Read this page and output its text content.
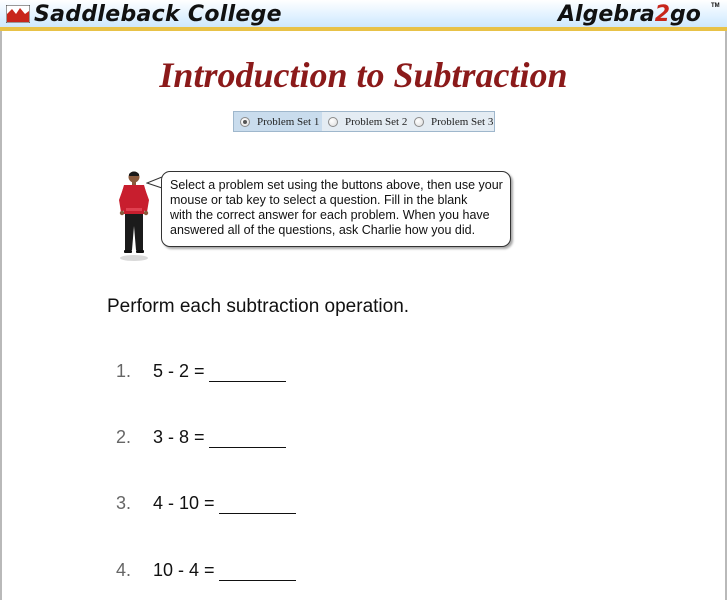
Saddleback College	Algebra2go TM
Introduction to Subtraction
Problem Set 1 Problem Set 2 Problem Set 3
Select a problem set using the buttons above, then use your
mouse or tab key to select a question. Fill in the blank
with the correct answer for each problem. When you have
answered all of the questions, ask Charlie how you did.
Perform each subtraction operation.
1. 5 - 2 =
2. 3 - 8 =
3. 4 - 10 =
4. 10 - 4 =
